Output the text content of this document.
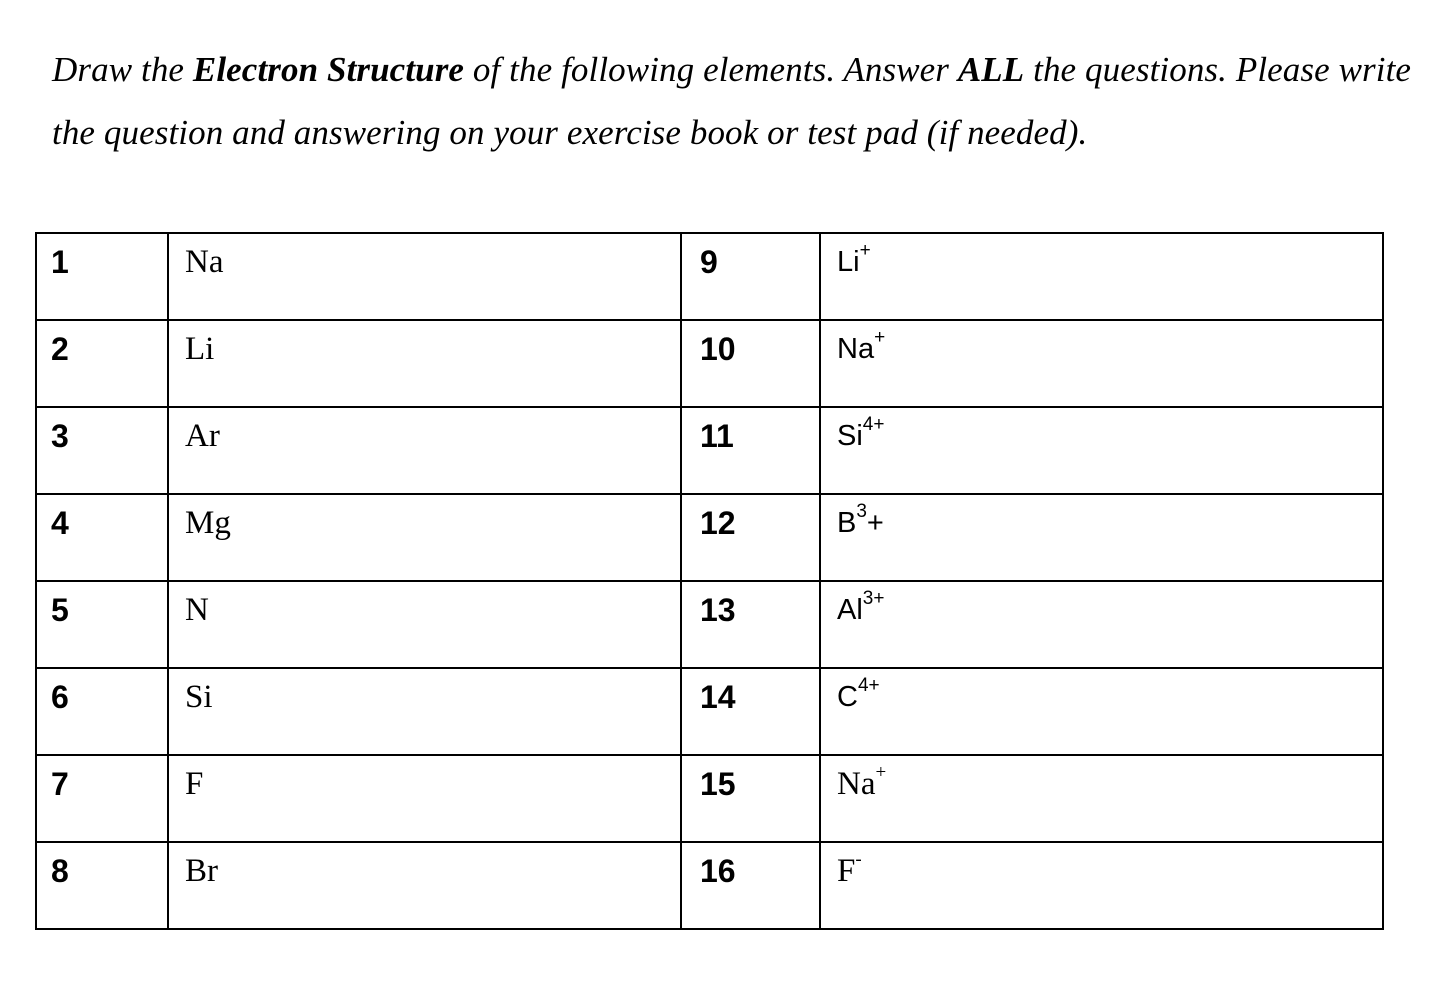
Draw the Electron Structure of the following elements. Answer ALL the questions. Please write the question and answering on your exercise book or test pad (if needed).

1	Na	9	Li+

2	Li	10	Na+

3	Ar	11	$Si^{4+}$

4	Mg	12	$B^3+$

5	N	13	$Al^{3+}$

6	Si	14	$C^{4+}$

7	F	15	Na+

8	Br	16	F-
